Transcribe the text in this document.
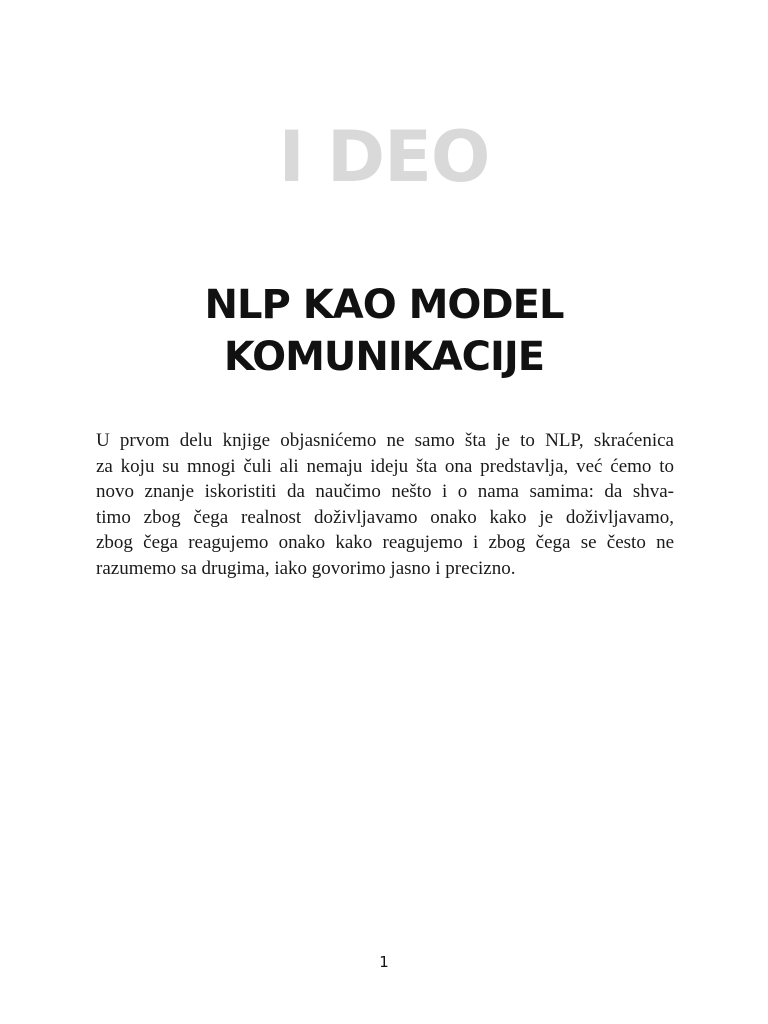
I DEO
NLP KAO MODEL
KOMUNIKACIJE
U prvom delu knjige objasnićemo ne samo šta je to NLP, skraćenica
za koju su mnogi čuli ali nemaju ideju šta ona predstavlja, već ćemo to
novo znanje iskoristiti da naučimo nešto i o nama samima: da shva-
timo zbog čega realnost doživljavamo onako kako je doživljavamo,
zbog čega reagujemo onako kako reagujemo i zbog čega se često ne
razumemo sa drugima, iako govorimo jasno i precizno.
1
